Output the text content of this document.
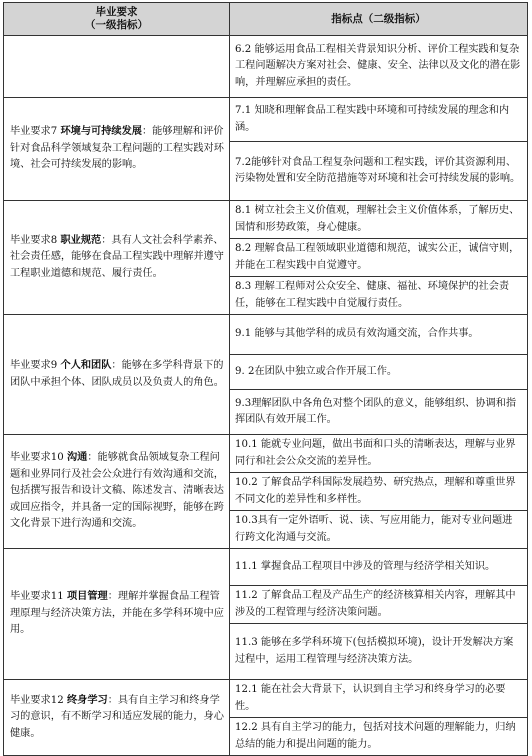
毕业要求
（一级指标）	指标点（二级指标）
	6.2 能够运用食品工程相关背景知识分析、评价工程实践和复杂工程问题解决方案对社会、健康、安全、法律以及文化的潜在影响，并理解应承担的责任。
毕业要求7 环境与可持续发展：能够理解和评价针对食品科学领域复杂工程问题的工程实践对环境、社会可持续发展的影响。	7.1 知晓和理解食品工程实践中环境和可持续发展的理念和内涵。
	7.2能够针对食品工程复杂问题和工程实践，评价其资源利用、污染物处置和安全防范措施等对环境和社会可持续发展的影响。
毕业要求8 职业规范：具有人文社会科学素养、社会责任感，能够在食品工程实践中理解并遵守工程职业道德和规范、履行责任。	8.1 树立社会主义价值观，理解社会主义价值体系，了解历史、国情和形势政策，身心健康。
	8.2 理解食品工程领域职业道德和规范，诚实公正，诚信守则，并能在工程实践中自觉遵守。
	8.3 理解工程师对公众安全、健康、福祉、环境保护的社会责任，能够在工程实践中自觉履行责任。
毕业要求9 个人和团队：能够在多学科背景下的团队中承担个体、团队成员以及负责人的角色。	9.1 能够与其他学科的成员有效沟通交流，合作共事。
	9. 2在团队中独立或合作开展工作。
	9.3理解团队中各角色对整个团队的意义，能够组织、协调和指挥团队有效开展工作。
毕业要求10 沟通：能够就食品领域复杂工程问题和业界同行及社会公众进行有效沟通和交流，包括撰写报告和设计文稿、陈述发言、清晰表达或回应指令，并具备一定的国际视野，能够在跨文化背景下进行沟通和交流。	10.1 能就专业问题，做出书面和口头的清晰表达，理解与业界同行和社会公众交流的差异性。
	10.2 了解食品学科国际发展趋势、研究热点，理解和尊重世界不同文化的差异性和多样性。
	10.3具有一定外语听、说、读、写应用能力，能对专业问题进行跨文化沟通与交流。
毕业要求11 项目管理：理解并掌握食品工程管理原理与经济决策方法，并能在多学科环境中应用。	11.1 掌握食品工程项目中涉及的管理与经济学相关知识。
	11.2 了解食品工程及产品生产的经济核算相关内容，理解其中涉及的工程管理与经济决策问题。
	11.3 能够在多学科环境下(包括模拟环境)，设计开发解决方案过程中，运用工程管理与经济决策方法。
毕业要求12 终身学习：具有自主学习和终身学习的意识，有不断学习和适应发展的能力，身心健康。	12.1 能在社会大背景下，认识到自主学习和终身学习的必要性。
	12.2 具有自主学习的能力，包括对技术问题的理解能力，归纳总结的能力和提出问题的能力。
